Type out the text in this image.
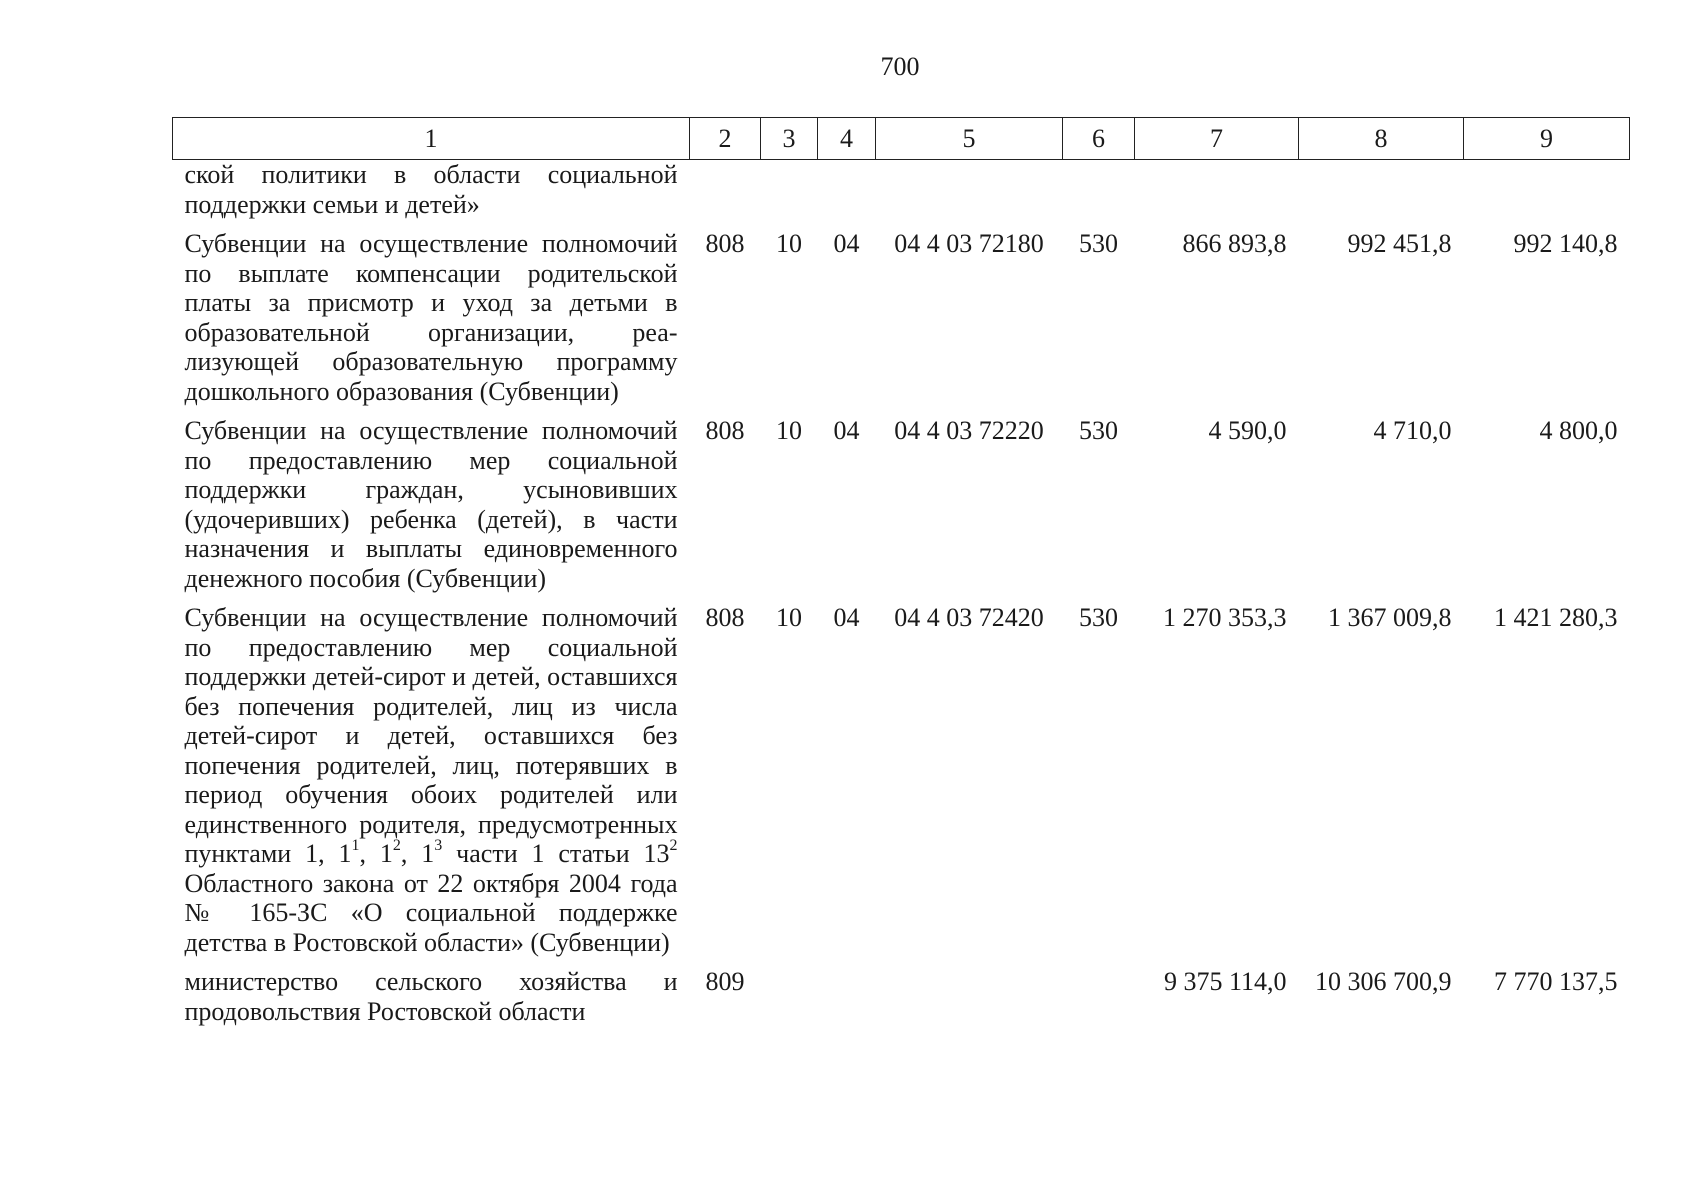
700
1	2	3	4	5	6	7	8	9
ской политики в области социальной поддержки семьи и детей»								
Субвенции на осуществление полномочий по выплате компенсации родительской платы за присмотр и уход за детьми в образовательной организации, реализующей образовательную программу дошкольного образования (Субвенции)	808	10	04	04 4 03 72180	530	866 893,8	992 451,8	992 140,8
Субвенции на осуществление полномочий по предоставлению мер социальной поддержки граждан, усыновивших (удочеривших) ребенка (детей), в части назначения и выплаты единовременного денежного пособия (Субвенции)	808	10	04	04 4 03 72220	530	4 590,0	4 710,0	4 800,0
Субвенции на осуществление полномочий по предоставлению мер социальной поддержки детей-сирот и детей, оставшихся без попечения родителей, лиц из числа детей-сирот и детей, оставшихся без попечения родителей, лиц, потерявших в период обучения обоих родителей или единственного родителя, предусмотренных пунктами 1, $1^1$, $1^2$, $1^3$ части 1 статьи $13^2$ Областного закона от 22 октября 2004 года № 165-ЗС «О социальной поддержке детства в Ростовской области» (Субвенции)	808	10	04	04 4 03 72420	530	1 270 353,3	1 367 009,8	1 421 280,3
министерство сельского хозяйства и продовольствия Ростовской области	809					9 375 114,0	10 306 700,9	7 770 137,5
